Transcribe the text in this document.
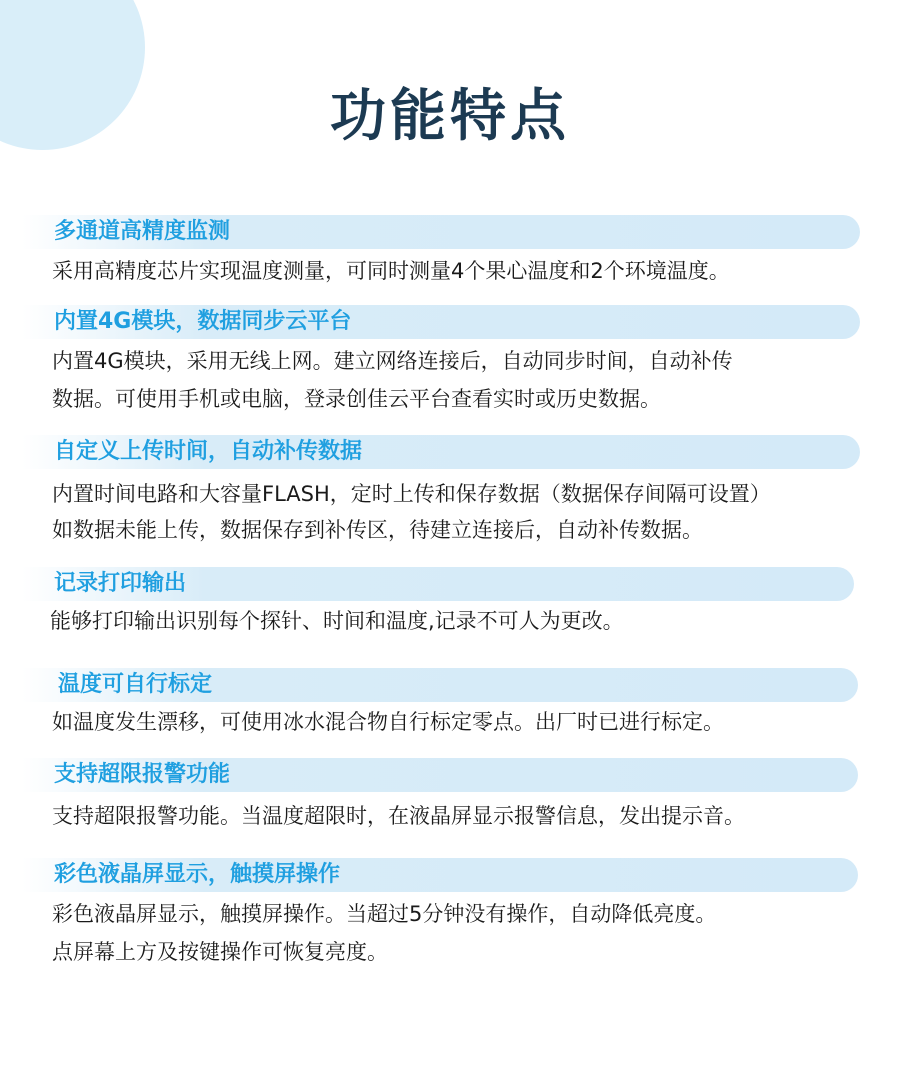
功能特点
多通道高精度监测

采用高精度芯片实现温度测量，可同时测量4个果心温度和2个环境温度。

内置4G模块，数据同步云平台

内置4G模块，采用无线上网。建立网络连接后，自动同步时间，自动补传

数据。可使用手机或电脑，登录创佳云平台查看实时或历史数据。

自定义上传时间，自动补传数据

内置时间电路和大容量FLASH，定时上传和保存数据（数据保存间隔可设置）

如数据未能上传，数据保存到补传区，待建立连接后，自动补传数据。

记录打印输出

能够打印输出识别每个探针、时间和温度,记录不可人为更改。

温度可自行标定

如温度发生漂移，可使用冰水混合物自行标定零点。出厂时已进行标定。

支持超限报警功能

支持超限报警功能。当温度超限时，在液晶屏显示报警信息，发出提示音。

彩色液晶屏显示，触摸屏操作

彩色液晶屏显示，触摸屏操作。当超过5分钟没有操作，自动降低亮度。

点屏幕上方及按键操作可恢复亮度。
